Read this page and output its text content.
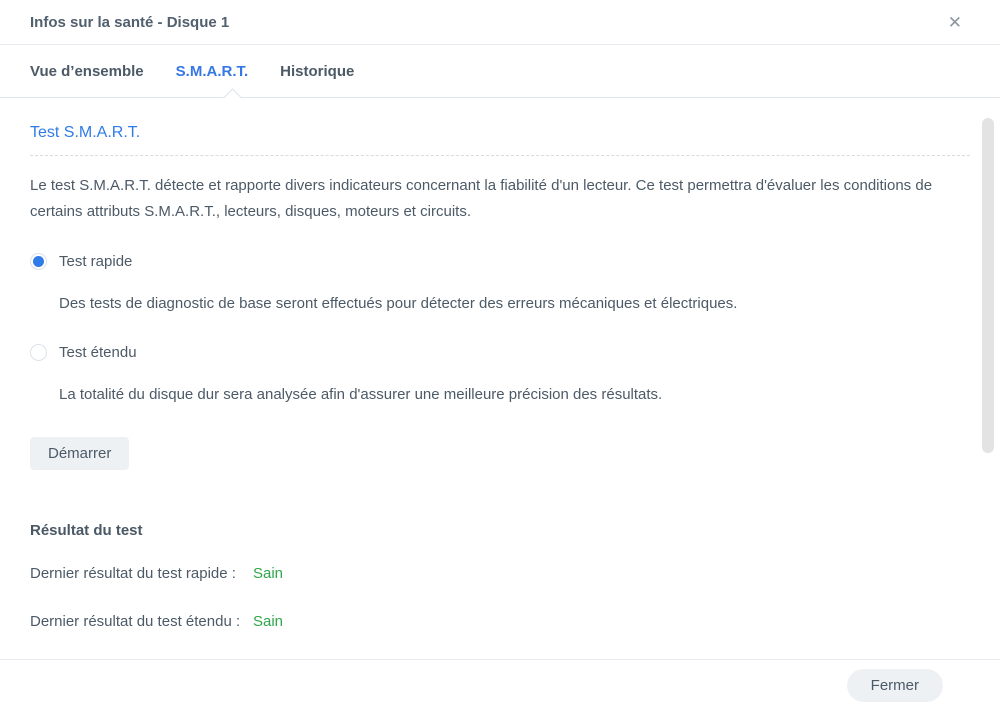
Infos sur la santé - Disque 1	✕
Vue d’ensemble S.M.A.R.T. Historique
Test S.M.A.R.T.

Le test S.M.A.R.T. détecte et rapporte divers indicateurs concernant la fiabilité d'un lecteur. Ce test permettra d'évaluer les conditions de certains attributs S.M.A.R.T., lecteurs, disques, moteurs et circuits.

Test rapide
Des tests de diagnostic de base seront effectués pour détecter des erreurs mécaniques et électriques.
Test étendu
La totalité du disque dur sera analysée afin d'assurer une meilleure précision des résultats.
Démarrer
Résultat du test
Dernier résultat du test rapide :	Sain
Dernier résultat du test étendu : Sain
Fermer
